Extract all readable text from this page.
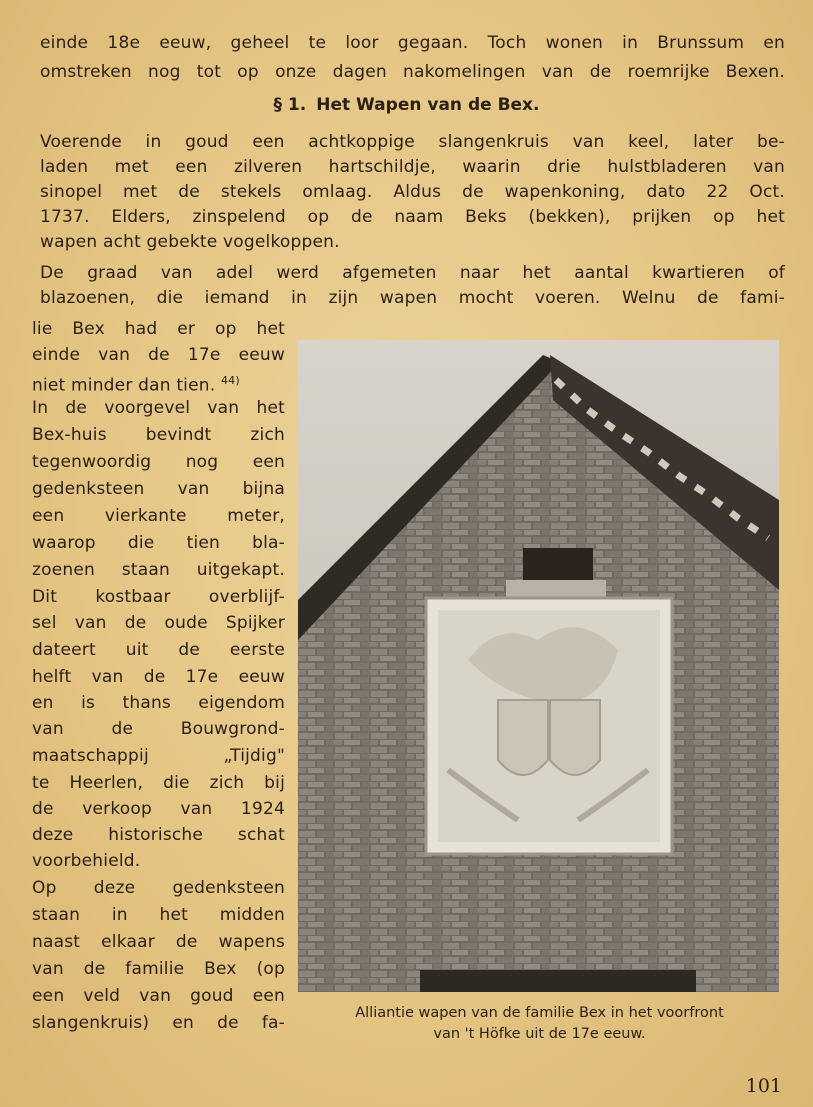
einde 18e eeuw, geheel te loor gegaan. Toch wonen in Brunssum en
omstreken nog tot op onze dagen nakomelingen van de roemrijke Bexen.
§ 1. Het Wapen van de Bex.
Voerende in goud een achtkoppige slangenkruis van keel, later be-
laden met een zilveren hartschildje, waarin drie hulstbladeren van
sinopel met de stekels omlaag. Aldus de wapenkoning, dato 22 Oct.
1737. Elders, zinspelend op de naam Beks (bekken), prijken op het
wapen acht gebekte vogelkoppen.
De graad van adel werd afgemeten naar het aantal kwartieren of
blazoenen, die iemand in zijn wapen mocht voeren. Welnu de fami-
lie Bex had er op het
einde van de 17e eeuw
niet minder dan tien. $^{44)}$
In de voorgevel van het
Bex-huis bevindt zich
tegenwoordig nog een
gedenksteen van bijna
een vierkante meter,
waarop die tien bla-
zoenen staan uitgekapt.
Dit kostbaar overblijf-
sel van de oude Spijker
dateert uit de eerste
helft van de 17e eeuw
en is thans eigendom
van de Bouwgrond-
maatschappij „Tijdig"
te Heerlen, die zich bij
de verkoop van 1924
deze historische schat
voorbehield.
Op deze gedenksteen
staan in het midden
naast elkaar de wapens
van de familie Bex (op
een veld van goud een
slangenkruis) en de fa-	Alliantie wapen van de familie Bex in het voorfront
van 't Höfke uit de 17e eeuw.
101
